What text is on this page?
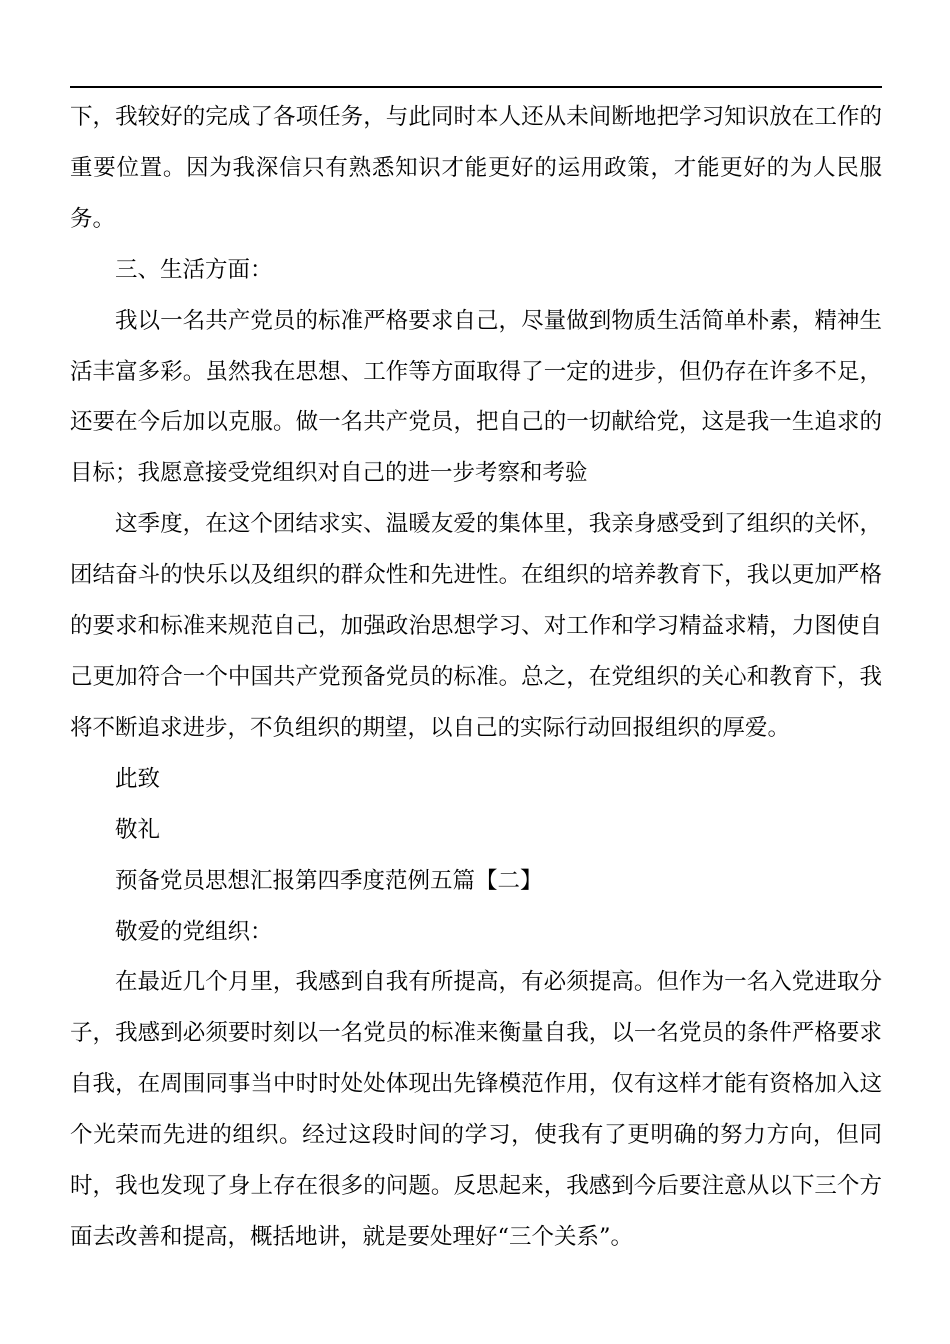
下，我较好的完成了各项任务，与此同时本人还从未间断地把学习知识放在工作的重要位置。因为我深信只有熟悉知识才能更好的运用政策，才能更好的为人民服务。

三、生活方面：

我以一名共产党员的标准严格要求自己，尽量做到物质生活简单朴素，精神生活丰富多彩。虽然我在思想、工作等方面取得了一定的进步，但仍存在许多不足，还要在今后加以克服。做一名共产党员，把自己的一切献给党，这是我一生追求的目标；我愿意接受党组织对自己的进一步考察和考验

这季度，在这个团结求实、温暖友爱的集体里，我亲身感受到了组织的关怀，团结奋斗的快乐以及组织的群众性和先进性。在组织的培养教育下，我以更加严格的要求和标准来规范自己，加强政治思想学习、对工作和学习精益求精，力图使自己更加符合一个中国共产党预备党员的标准。总之，在党组织的关心和教育下，我将不断追求进步，不负组织的期望，以自己的实际行动回报组织的厚爱。

此致

敬礼

预备党员思想汇报第四季度范例五篇【二】

敬爱的党组织：

在最近几个月里，我感到自我有所提高，有必须提高。但作为一名入党进取分子，我感到必须要时刻以一名党员的标准来衡量自我，以一名党员的条件严格要求自我，在周围同事当中时时处处体现出先锋模范作用，仅有这样才能有资格加入这个光荣而先进的组织。经过这段时间的学习，使我有了更明确的努力方向，但同时，我也发现了身上存在很多的问题。反思起来，我感到今后要注意从以下三个方面去改善和提高，概括地讲，就是要处理好“三个关系”。
